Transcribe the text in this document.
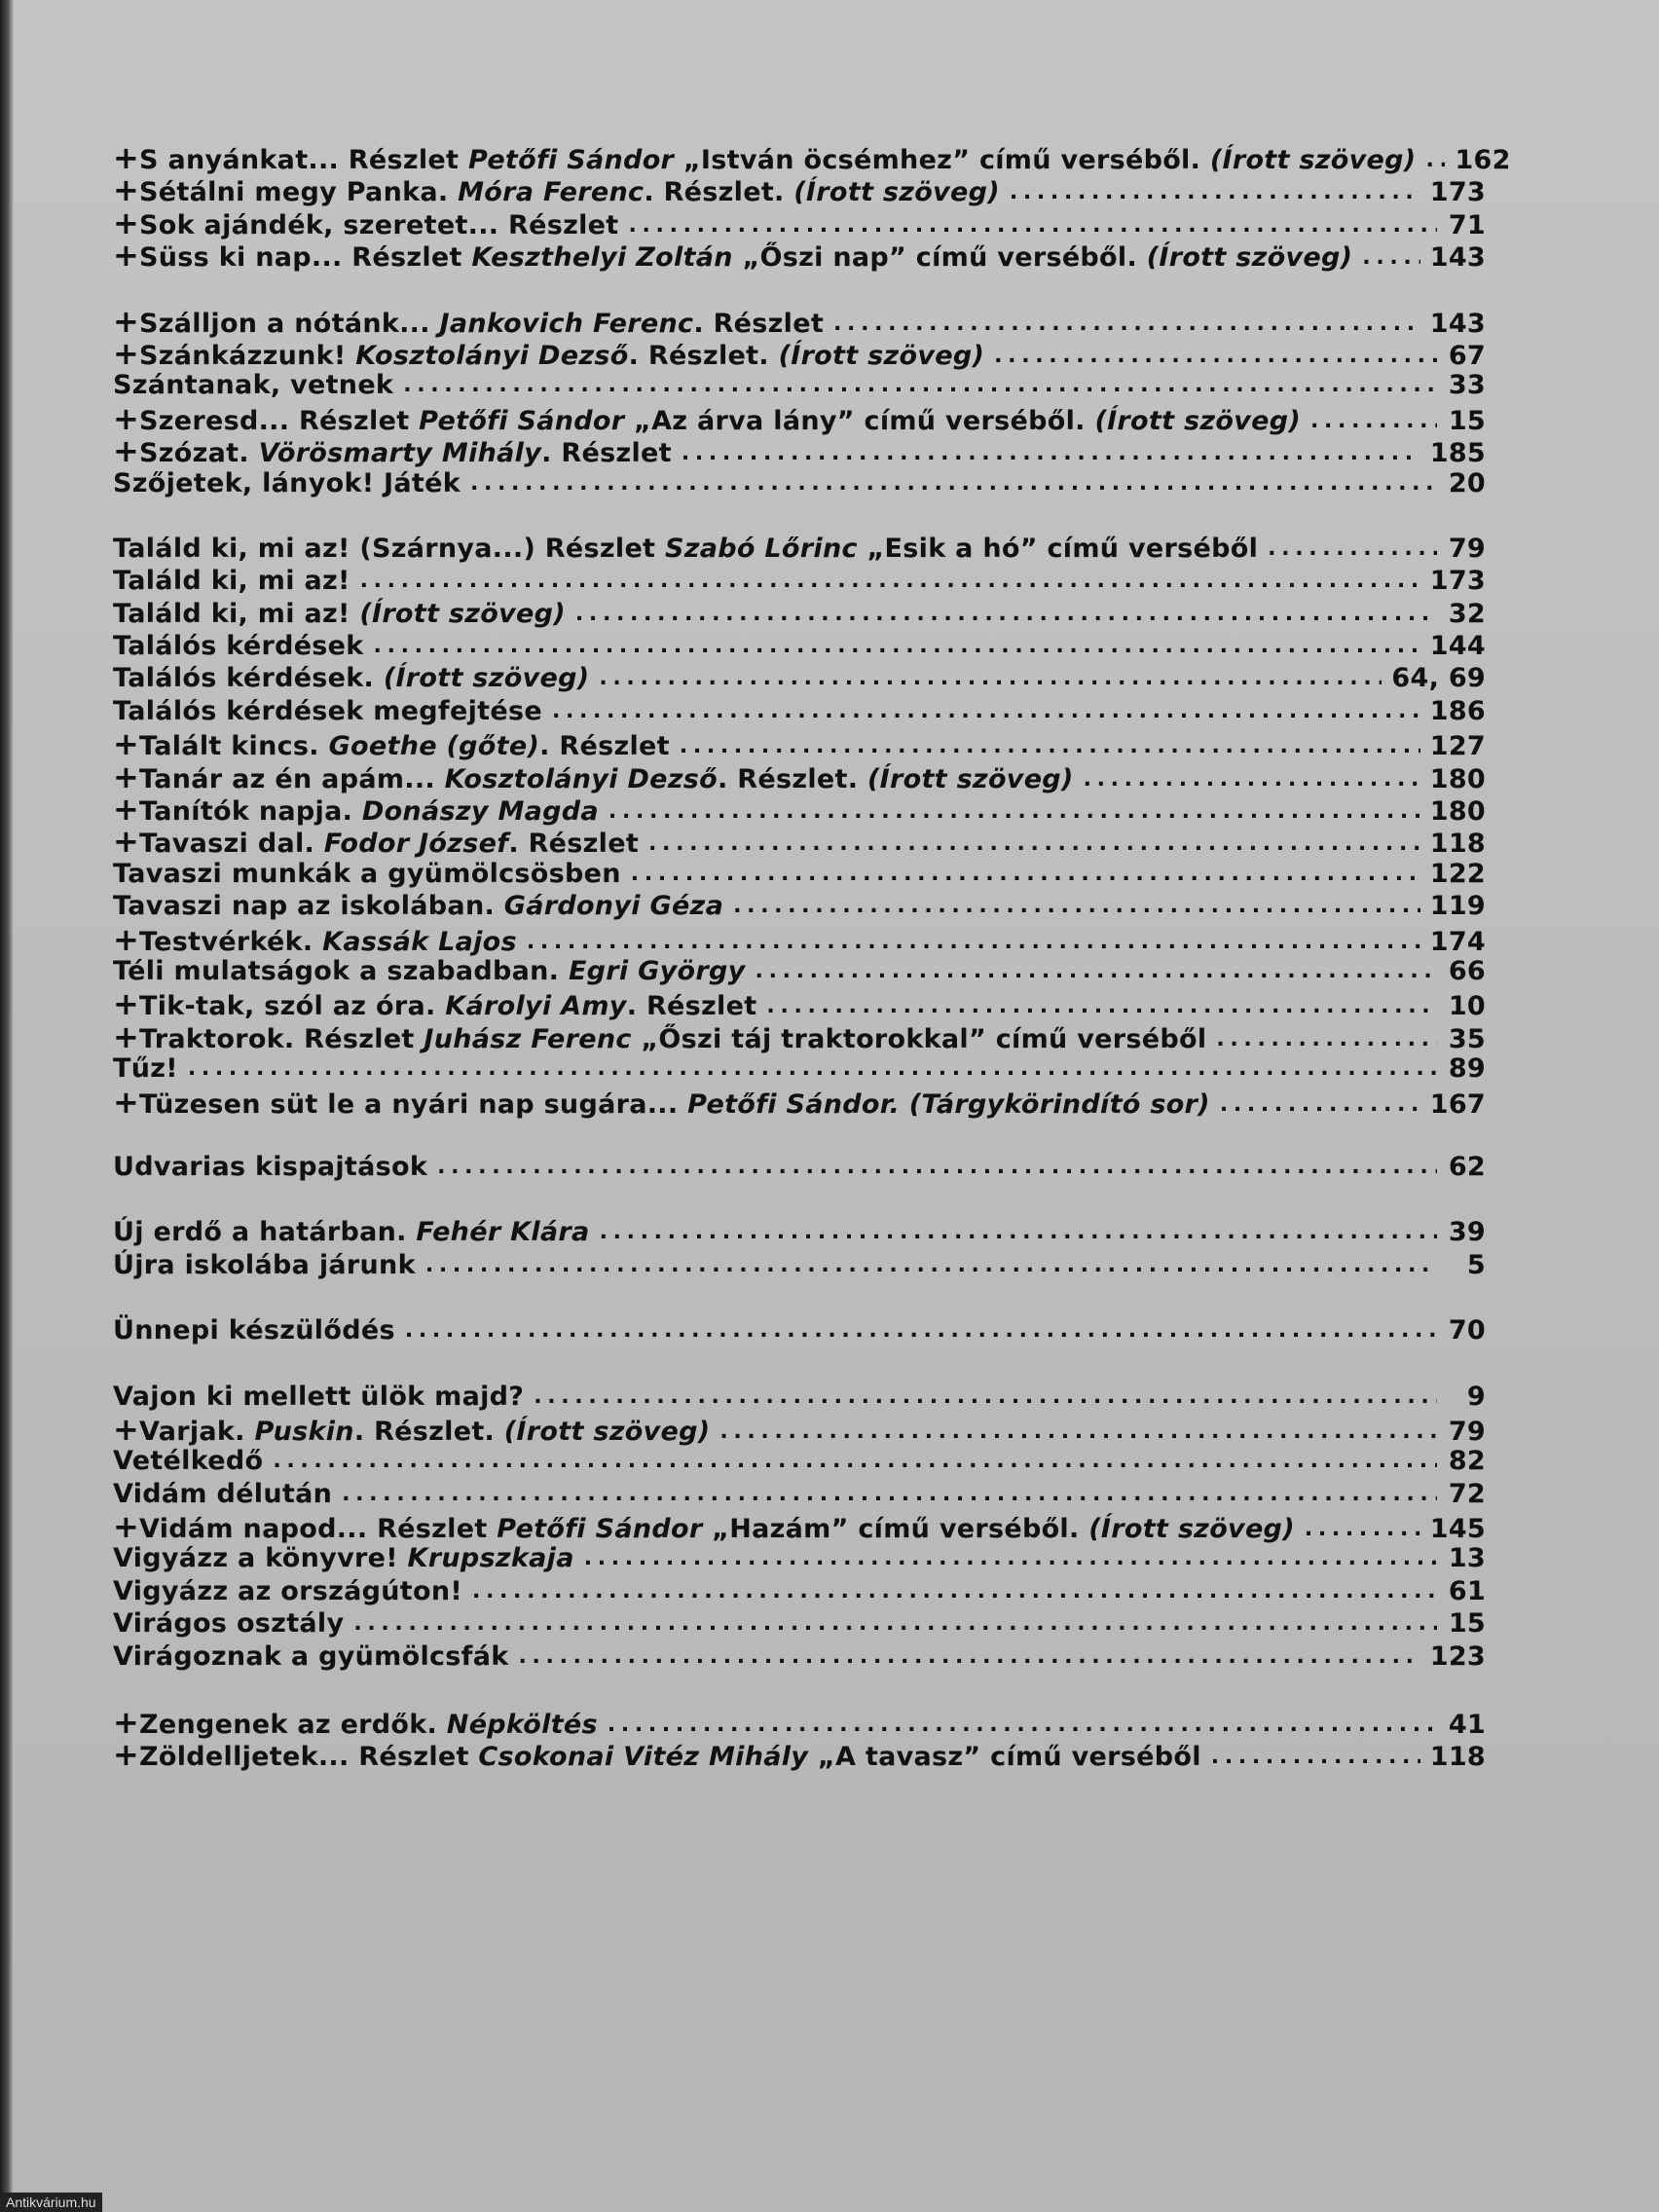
+ S anyánkat... Részlet Petőfi Sándor „István öcsémhez” című verséből. (Írott szöveg) . . . 162
+ Sétálni megy Panka. Móra Ferenc. Részlet. (Írott szöveg) . . .	173
+ Sok ajándék, szeretet... Részlet . . .	71
+ Süss ki nap... Részlet Keszthelyi Zoltán „Őszi nap” című verséből. (Írott szöveg) . . .	143
+ Szálljon a nótánk... Jankovich Ferenc. Részlet . . .	143
+ Szánkázzunk! Kosztolányi Dezső. Részlet. (Írott szöveg) . . .	67
Szántanak, vetnek . . .	33
+ Szeresd... Részlet Petőfi Sándor „Az árva lány” című verséből. (Írott szöveg) . . .	15
+ Szózat. Vörösmarty Mihály. Részlet . . .	185
Szőjetek, lányok! Játék . . .	20
Találd ki, mi az! (Szárnya...) Részlet Szabó Lőrinc „Esik a hó” című verséből . . .	79
Találd ki, mi az! . . .	173
Találd ki, mi az! (Írott szöveg) . . .	32
Találós kérdések . . .	144
Találós kérdések. (Írott szöveg) . . .	64, 69
Találós kérdések megfejtése . . .	186
+ Talált kincs. Goethe (gőte). Részlet . . .	127
+ Tanár az én apám... Kosztolányi Dezső. Részlet. (Írott szöveg) . . .	180
+ Tanítók napja. Donászy Magda . . .	180
+ Tavaszi dal. Fodor József. Részlet . . .	118
Tavaszi munkák a gyümölcsösben . . .	122
Tavaszi nap az iskolában. Gárdonyi Géza . . .	119
+ Testvérkék. Kassák Lajos . . .	174
Téli mulatságok a szabadban. Egri György . . .	66
+ Tik-tak, szól az óra. Károlyi Amy. Részlet . . .	10
+ Traktorok. Részlet Juhász Ferenc „Őszi táj traktorokkal” című verséből . . .	35
Tűz! . . .	89
+ Tüzesen süt le a nyári nap sugára... Petőfi Sándor. (Tárgykörindító sor) . . .	167
Udvarias kispajtások . . .	62
Új erdő a határban. Fehér Klára . . .	39
Újra iskolába járunk . . .	5
Ünnepi készülődés . . .	70
Vajon ki mellett ülök majd? . . .	9
+ Varjak. Puskin. Részlet. (Írott szöveg) . . .	79
Vetélkedő . . .	82
Vidám délután . . .	72
+ Vidám napod... Részlet Petőfi Sándor „Hazám” című verséből. (Írott szöveg) . . .	145
Vigyázz a könyvre! Krupszkaja . . .	13
Vigyázz az országúton! . . .	61
Virágos osztály . . .	15
Virágoznak a gyümölcsfák . . .	123
+ Zengenek az erdők. Népköltés . . .	41
+ Zöldelljetek... Részlet Csokonai Vitéz Mihály „A tavasz” című verséből . . .	118
Antikvárium.hu
